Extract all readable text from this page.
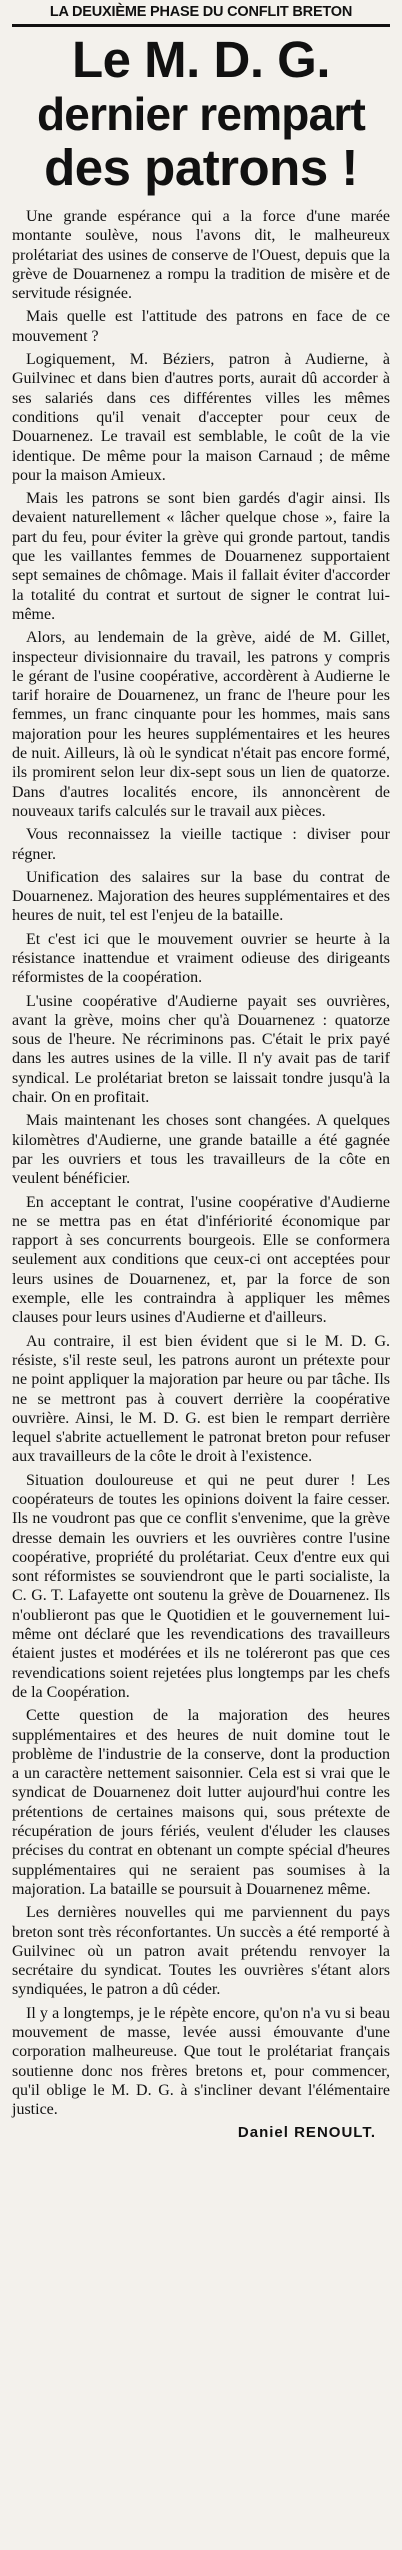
LA DEUXIÈME PHASE DU CONFLIT BRETON
Le M. D. G.
dernier rempart
des patrons !

Une grande espérance qui a la force d'une marée montante soulève, nous l'avons dit, le malheureux prolétariat des usines de conserve de l'Ouest, depuis que la grève de Douarnenez a rompu la tradition de misère et de servitude résignée.

Mais quelle est l'attitude des patrons en face de ce mouvement ?

Logiquement, M. Béziers, patron à Audierne, à Guilvinec et dans bien d'autres ports, aurait dû accorder à ses salariés dans ces différentes villes les mêmes conditions qu'il venait d'accepter pour ceux de Douarnenez. Le travail est semblable, le coût de la vie identique. De même pour la maison Carnaud ; de même pour la maison Amieux.

Mais les patrons se sont bien gardés d'agir ainsi. Ils devaient naturellement « lâcher quelque chose », faire la part du feu, pour éviter la grève qui gronde partout, tandis que les vaillantes femmes de Douarnenez supportaient sept semaines de chômage. Mais il fallait éviter d'accorder la totalité du contrat et surtout de signer le contrat lui-même.

Alors, au lendemain de la grève, aidé de M. Gillet, inspecteur divisionnaire du travail, les patrons y compris le gérant de l'usine coopérative, accordèrent à Audierne le tarif horaire de Douarnenez, un franc de l'heure pour les femmes, un franc cinquante pour les hommes, mais sans majoration pour les heures supplémentaires et les heures de nuit. Ailleurs, là où le syndicat n'était pas encore formé, ils promirent selon leur dix-sept sous un lien de quatorze. Dans d'autres localités encore, ils annoncèrent de nouveaux tarifs calculés sur le travail aux pièces.

Vous reconnaissez la vieille tactique : diviser pour régner.

Unification des salaires sur la base du contrat de Douarnenez. Majoration des heures supplémentaires et des heures de nuit, tel est l'enjeu de la bataille.

Et c'est ici que le mouvement ouvrier se heurte à la résistance inattendue et vraiment odieuse des dirigeants réformistes de la coopération.

L'usine coopérative d'Audierne payait ses ouvrières, avant la grève, moins cher qu'à Douarnenez : quatorze sous de l'heure. Ne récriminons pas. C'était le prix payé dans les autres usines de la ville. Il n'y avait pas de tarif syndical. Le prolétariat breton se laissait tondre jusqu'à la chair. On en profitait.

Mais maintenant les choses sont changées. A quelques kilomètres d'Audierne, une grande bataille a été gagnée par les ouvriers et tous les travailleurs de la côte en veulent bénéficier.

En acceptant le contrat, l'usine coopérative d'Audierne ne se mettra pas en état d'infériorité économique par rapport à ses concurrents bourgeois. Elle se conformera seulement aux conditions que ceux-ci ont acceptées pour leurs usines de Douarnenez, et, par la force de son exemple, elle les contraindra à appliquer les mêmes clauses pour leurs usines d'Audierne et d'ailleurs.

Au contraire, il est bien évident que si le M. D. G. résiste, s'il reste seul, les patrons auront un prétexte pour ne point appliquer la majoration par heure ou par tâche. Ils ne se mettront pas à couvert derrière la coopérative ouvrière. Ainsi, le M. D. G. est bien le rempart derrière lequel s'abrite actuellement le patronat breton pour refuser aux travailleurs de la côte le droit à l'existence.

Situation douloureuse et qui ne peut durer ! Les coopérateurs de toutes les opinions doivent la faire cesser. Ils ne voudront pas que ce conflit s'envenime, que la grève dresse demain les ouvriers et les ouvrières contre l'usine coopérative, propriété du prolétariat. Ceux d'entre eux qui sont réformistes se souviendront que le parti socialiste, la C. G. T. Lafayette ont soutenu la grève de Douarnenez. Ils n'oublieront pas que le Quotidien et le gouvernement lui-même ont déclaré que les revendications des travailleurs étaient justes et modérées et ils ne toléreront pas que ces revendications soient rejetées plus longtemps par les chefs de la Coopération.

Cette question de la majoration des heures supplémentaires et des heures de nuit domine tout le problème de l'industrie de la conserve, dont la production a un caractère nettement saisonnier. Cela est si vrai que le syndicat de Douarnenez doit lutter aujourd'hui contre les prétentions de certaines maisons qui, sous prétexte de récupération de jours fériés, veulent d'éluder les clauses précises du contrat en obtenant un compte spécial d'heures supplémentaires qui ne seraient pas soumises à la majoration. La bataille se poursuit à Douarnenez même.

Les dernières nouvelles qui me parviennent du pays breton sont très réconfortantes. Un succès a été remporté à Guilvinec où un patron avait prétendu renvoyer la secrétaire du syndicat. Toutes les ouvrières s'étant alors syndiquées, le patron a dû céder.

Il y a longtemps, je le répète encore, qu'on n'a vu si beau mouvement de masse, levée aussi émouvante d'une corporation malheureuse. Que tout le prolétariat français soutienne donc nos frères bretons et, pour commencer, qu'il oblige le M. D. G. à s'incliner devant l'élémentaire justice.

Daniel RENOULT.
